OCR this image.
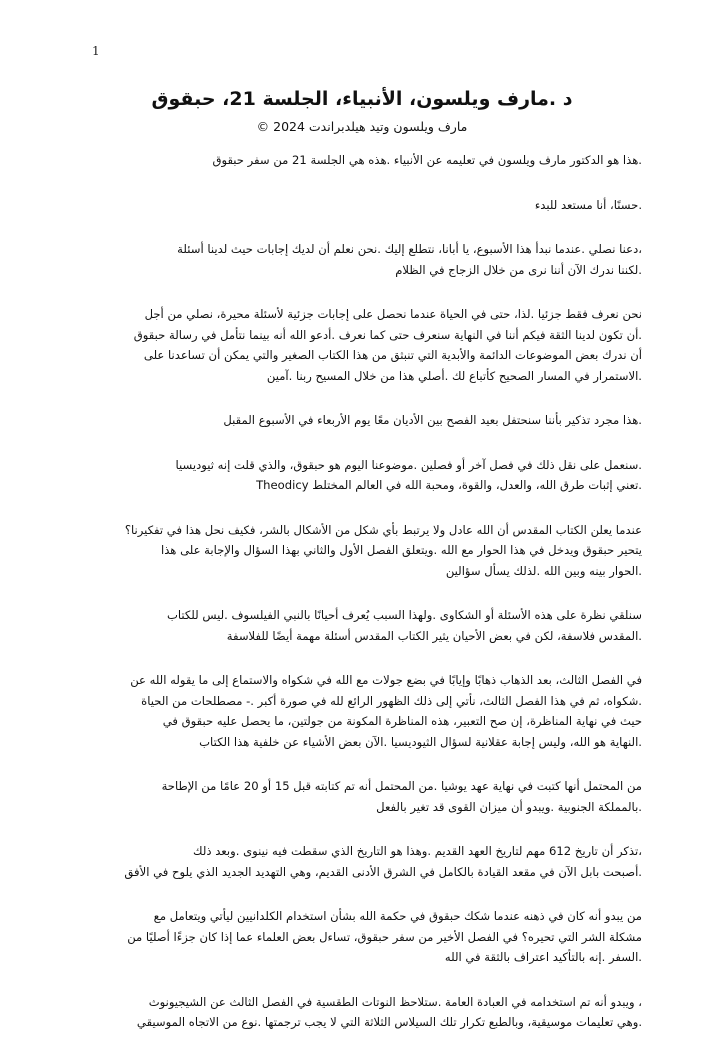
1
د .مارف ويلسون، الأنبياء، الجلسة 21، حبقوق
مارف ويلسون وتيد هيلدبراندت 2024 ©

.هذا هو الدكتور مارف ويلسون في تعليمه عن الأنبياء .هذه هي الجلسة 21 من سفر حبقوق

.حسنًا، أنا مستعد للبدء

،دعنا نصلي .عندما نبدأ هذا الأسبوع، يا أبانا، نتطلع إليك .نحن نعلم أن لديك إجابات حيث لدينا أسئلة
.لكننا ندرك الآن أننا نرى من خلال الزجاج في الظلام

نحن نعرف فقط جزئيا .لذا، حتى في الحياة عندما نحصل على إجابات جزئية لأسئلة محيرة، نصلي من أجل
.أن تكون لدينا الثقة فيكم أننا في النهاية سنعرف حتى كما نعرف .أدعو الله أنه بينما نتأمل في رسالة حبقوق
أن ندرك بعض الموضوعات الدائمة والأبدية التي تنبثق من هذا الكتاب الصغير والتي يمكن أن تساعدنا على
.الاستمرار في المسار الصحيح كأتباع لك .أصلي هذا من خلال المسيح ربنا .آمين

.هذا مجرد تذكير بأننا سنحتفل بعيد الفصح بين الأديان معًا يوم الأربعاء في الأسبوع المقبل

.سنعمل على نقل ذلك في فصل آخر أو فصلين .موضوعنا اليوم هو حبقوق، والذي قلت إنه ثيوديسيا
.تعني إثبات طرق الله، والعدل، والقوة، ومحبة الله في العالم المختلط Theodicy

عندما يعلن الكتاب المقدس أن الله عادل ولا يرتبط بأي شكل من الأشكال بالشر، فكيف نحل هذا في تفكيرنا؟
يتحير حبقوق ويدخل في هذا الحوار مع الله .ويتعلق الفصل الأول والثاني بهذا السؤال والإجابة على هذا
.الحوار بينه وبين الله .لذلك يسأل سؤالين

سنلقي نظرة على هذه الأسئلة أو الشكاوى .ولهذا السبب يُعرف أحيانًا بالنبي الفيلسوف .ليس للكتاب
.المقدس فلاسفة، لكن في بعض الأحيان يثير الكتاب المقدس أسئلة مهمة أيضًا للفلاسفة

في الفصل الثالث، بعد الذهاب ذهابًا وإيابًا في بضع جولات مع الله في شكواه والاستماع إلى ما يقوله الله عن
.شكواه، ثم في هذا الفصل الثالث، نأتي إلى ذلك الظهور الرائع لله في صورة أكبر .- مصطلحات من الحياة
حيث في نهاية المناظرة، إن صح التعبير، هذه المناظرة المكونة من جولتين، ما يحصل عليه حبقوق في
.النهاية هو الله، وليس إجابة عقلانية لسؤال الثيوديسيا .الآن بعض الأشياء عن خلفية هذا الكتاب

من المحتمل أنها كتبت في نهاية عهد يوشيا .من المحتمل أنه تم كتابته قبل 15 أو 20 عامًا من الإطاحة
.بالمملكة الجنوبية .ويبدو أن ميزان القوى قد تغير بالفعل

،تذكر أن تاريخ 612 مهم لتاريخ العهد القديم .وهذا هو التاريخ الذي سقطت فيه نينوى .وبعد ذلك
.أصبحت بابل الآن في مقعد القيادة بالكامل في الشرق الأدنى القديم، وهي التهديد الجديد الذي يلوح في الأفق

من يبدو أنه كان في ذهنه عندما شكك حبقوق في حكمة الله بشأن استخدام الكلدانيين ليأتي ويتعامل مع
مشكلة الشر التي تحيره؟ في الفصل الأخير من سفر حبقوق، تساءل بعض العلماء عما إذا كان جزءًا أصليًا من
.السفر .إنه بالتأكيد اعتراف بالثقة في الله

، ويبدو أنه تم استخدامه في العبادة العامة .ستلاحظ النوتات الطقسية في الفصل الثالث عن الشيجيونوث
.وهي تعليمات موسيقية، وبالطبع تكرار تلك السيلاس الثلاثة التي لا يجب ترجمتها .نوع من الاتجاه الموسيقي
